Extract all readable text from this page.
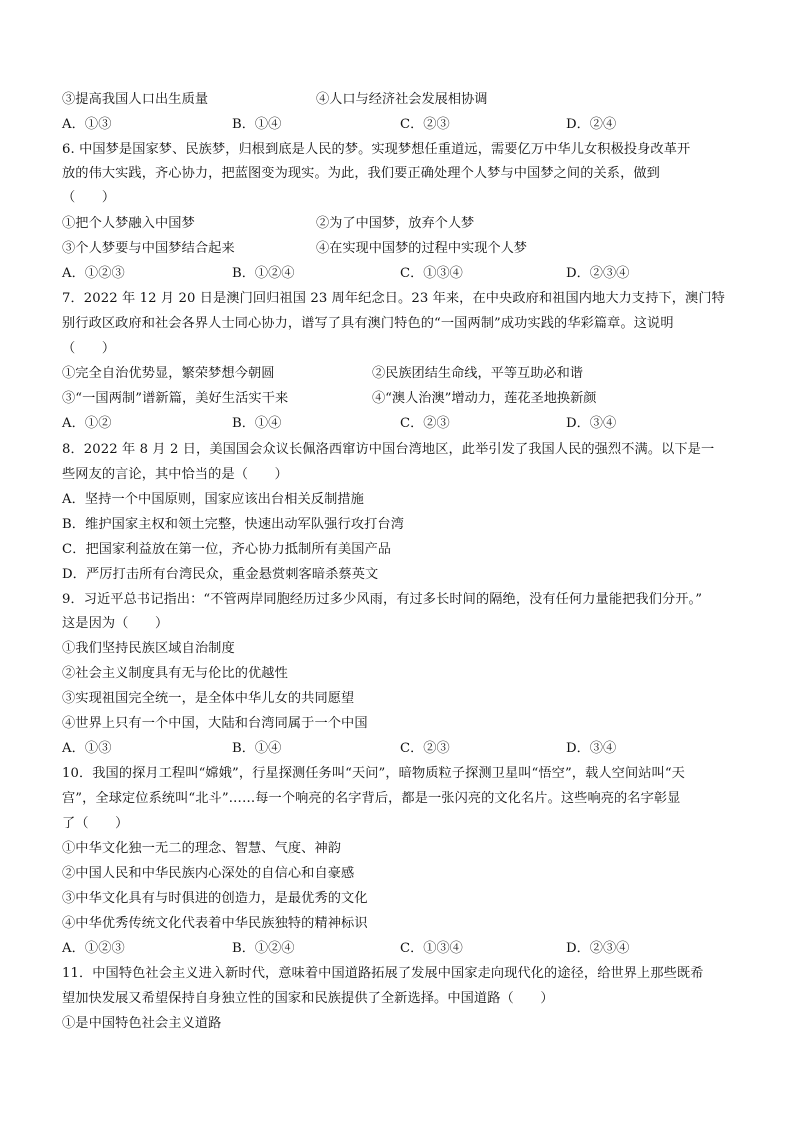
③提高我国人口出生质量	④人口与经济社会发展相协调
A．①③	B．①④	C．②③	D．②④
6. 中国梦是国家梦、民族梦，归根到底是人民的梦。实现梦想任重道远，需要亿万中华儿女积极投身改革开
放的伟大实践，齐心协力，把蓝图变为现实。为此，我们要正确处理个人梦与中国梦之间的关系，做到
（　　）
①把个人梦融入中国梦	②为了中国梦，放弃个人梦
③个人梦要与中国梦结合起来	④在实现中国梦的过程中实现个人梦
A．①②③	B．①②④	C．①③④	D．②③④
7．2022 年 12 月 20 日是澳门回归祖国 23 周年纪念日。23 年来，在中央政府和祖国内地大力支持下，澳门特
别行政区政府和社会各界人士同心协力，谱写了具有澳门特色的“一国两制”成功实践的华彩篇章。这说明
（　　）
①完全自治优势显，繁荣梦想今朝圆	②民族团结生命线，平等互助必和谐
③“一国两制”谱新篇，美好生活实干来	④“澳人治澳”增动力，莲花圣地换新颜
A．①②	B．①④	C．②③	D．③④
8．2022 年 8 月 2 日，美国国会众议长佩洛西窜访中国台湾地区，此举引发了我国人民的强烈不满。以下是一
些网友的言论，其中恰当的是（　　）
A．坚持一个中国原则，国家应该出台相关反制措施
B．维护国家主权和领土完整，快速出动军队强行攻打台湾
C．把国家利益放在第一位，齐心协力抵制所有美国产品
D．严厉打击所有台湾民众，重金悬赏刺客暗杀蔡英文
9．习近平总书记指出：“不管两岸同胞经历过多少风雨，有过多长时间的隔绝，没有任何力量能把我们分开。”
这是因为（　　）
①我们坚持民族区域自治制度
②社会主义制度具有无与伦比的优越性
③实现祖国完全统一，是全体中华儿女的共同愿望
④世界上只有一个中国，大陆和台湾同属于一个中国
A．①③	B．①④	C．②③	D．③④
10．我国的探月工程叫“嫦娥”，行星探测任务叫“天问”，暗物质粒子探测卫星叫“悟空”，载人空间站叫“天
宫”，全球定位系统叫“北斗”……每一个响亮的名字背后，都是一张闪亮的文化名片。这些响亮的名字彰显
了（　　）
①中华文化独一无二的理念、智慧、气度、神韵
②中国人民和中华民族内心深处的自信心和自豪感
③中华文化具有与时俱进的创造力，是最优秀的文化
④中华优秀传统文化代表着中华民族独特的精神标识
A．①②③	B．①②④	C．①③④	D．②③④
11．中国特色社会主义进入新时代，意味着中国道路拓展了发展中国家走向现代化的途径，给世界上那些既希
望加快发展又希望保持自身独立性的国家和民族提供了全新选择。中国道路（　　）
①是中国特色社会主义道路
